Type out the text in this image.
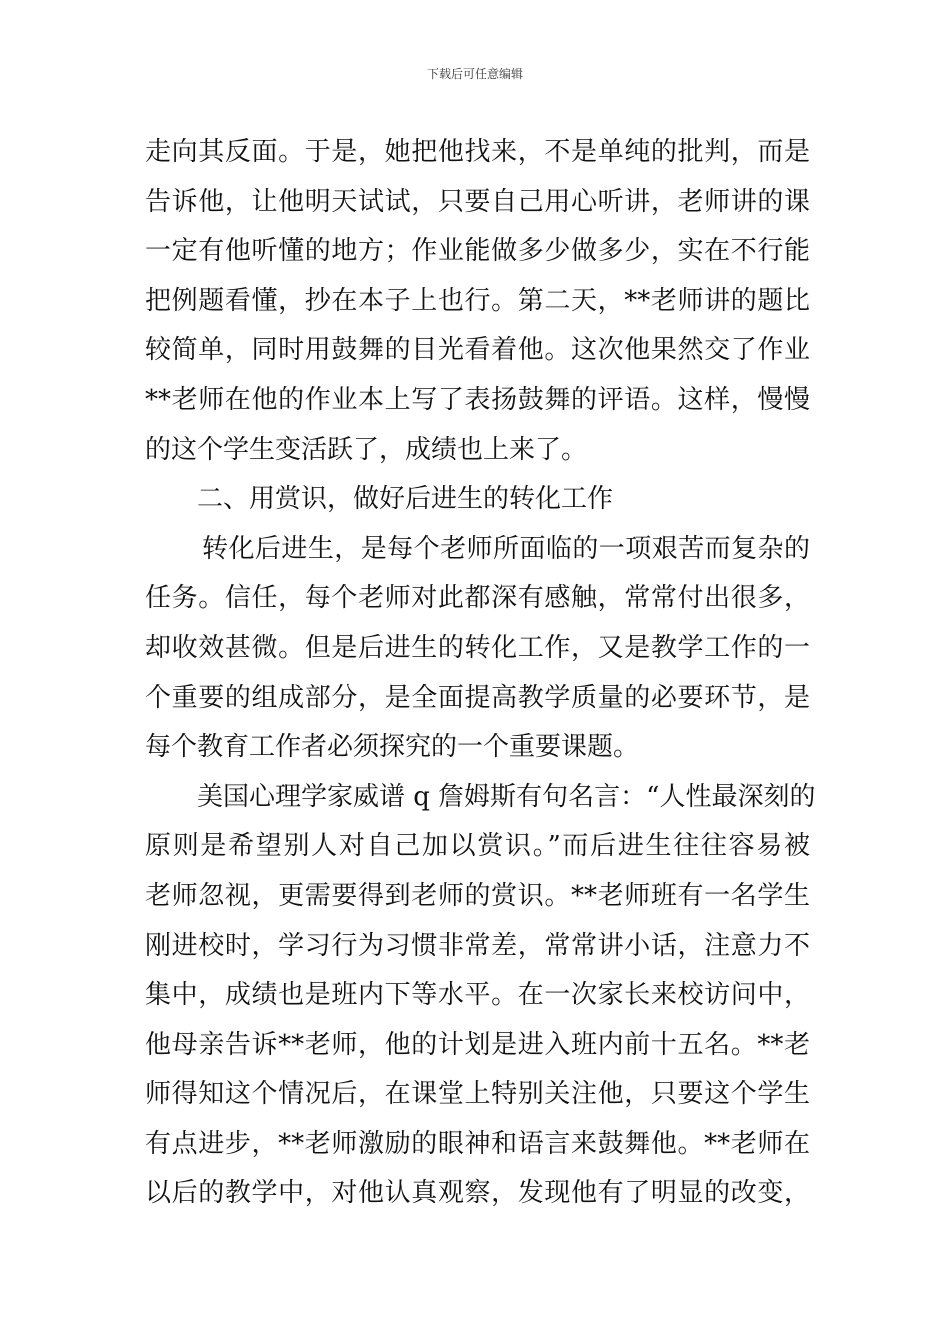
下载后可任意编辑
走向其反面。于是，她把他找来，不是单纯的批判，而是
告诉他，让他明天试试，只要自己用心听讲，老师讲的课
一定有他听懂的地方；作业能做多少做多少，实在不行能
把例题看懂，抄在本子上也行。第二天，**老师讲的题比
较简单，同时用鼓舞的目光看着他。这次他果然交了作业
**老师在他的作业本上写了表扬鼓舞的评语。这样，慢慢
的这个学生变活跃了，成绩也上来了。
二、用赏识，做好后进生的转化工作
转化后进生，是每个老师所面临的一项艰苦而复杂的
任务。信任，每个老师对此都深有感触，常常付出很多，
却收效甚微。但是后进生的转化工作，又是教学工作的一
个重要的组成部分，是全面提高教学质量的必要环节，是
每个教育工作者必须探究的一个重要课题。
美国心理学家威谱 q 詹姆斯有句名言：“人性最深刻的
原则是希望别人对自己加以赏识。”而后进生往往容易被
老师忽视，更需要得到老师的赏识。**老师班有一名学生
刚进校时，学习行为习惯非常差，常常讲小话，注意力不
集中，成绩也是班内下等水平。在一次家长来校访问中，
他母亲告诉**老师，他的计划是进入班内前十五名。**老
师得知这个情况后，在课堂上特别关注他，只要这个学生
有点进步，**老师激励的眼神和语言来鼓舞他。**老师在
以后的教学中，对他认真观察，发现他有了明显的改变，
